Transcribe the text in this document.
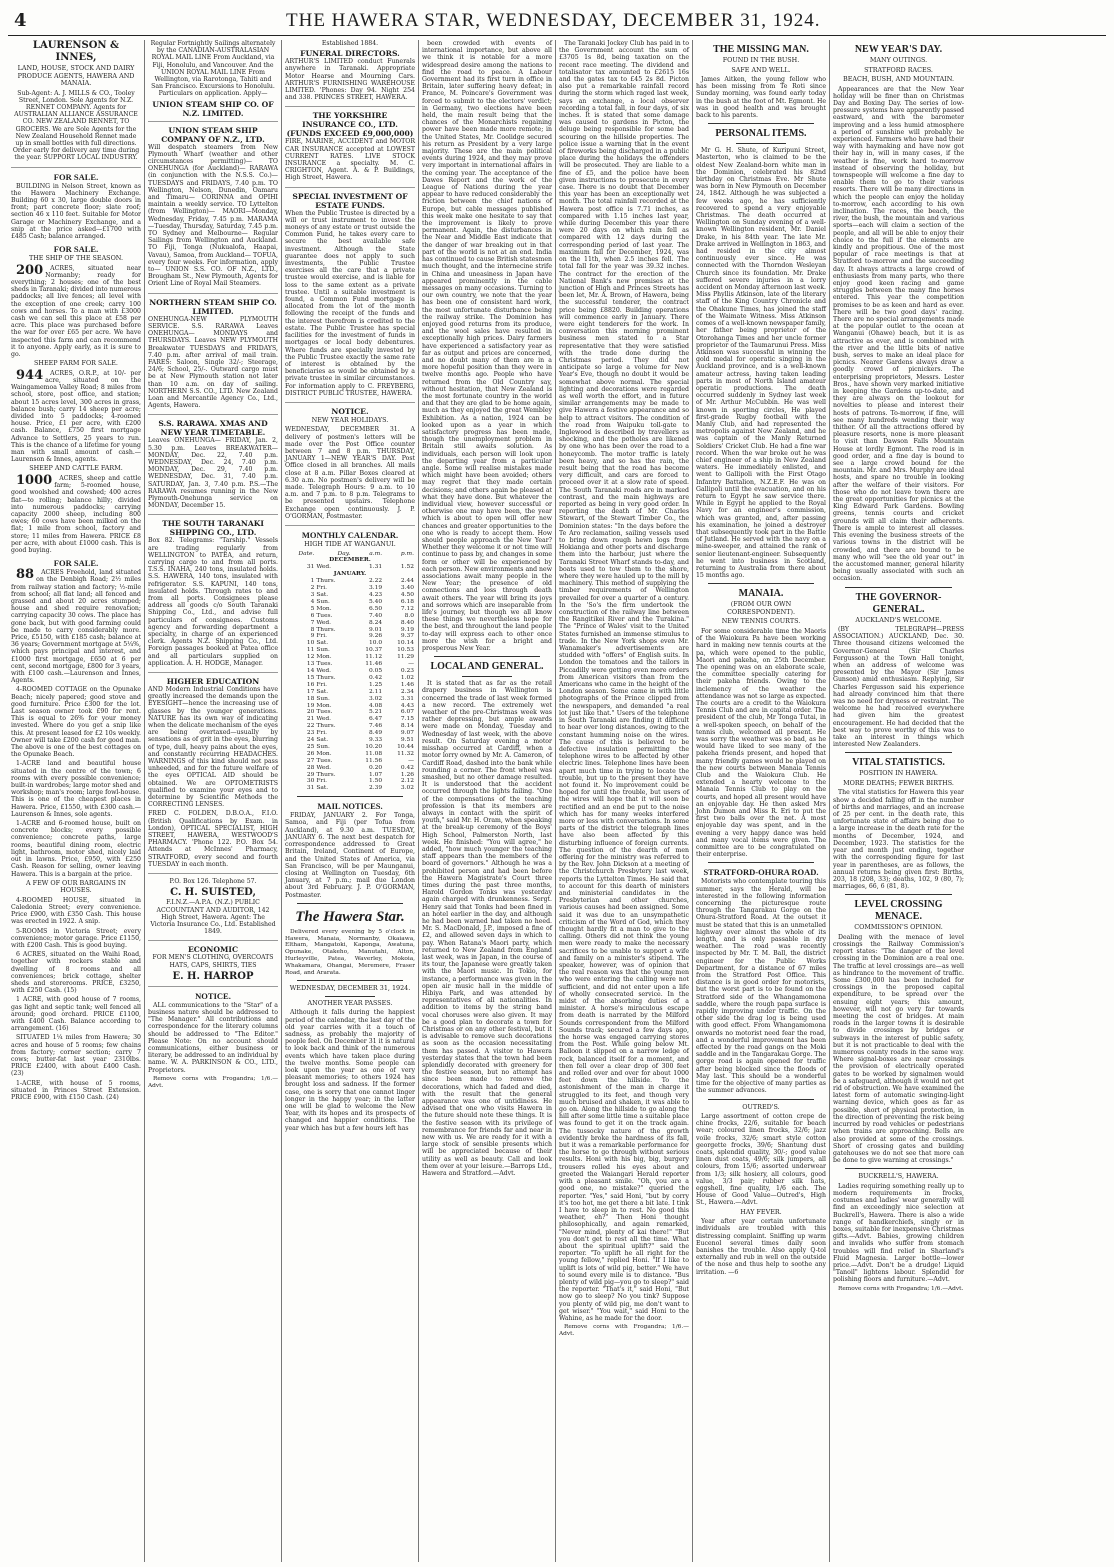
4	THE HAWERA STAR, WEDNESDAY, DECEMBER 31, 1924.
LAURENSON & INNES,
LAND, HOUSE, STOCK AND DAIRY PRODUCE AGENTS, HAWERA AND MANAIA.

Sub-Agent: A. J. MILLS & CO., Tooley Street, London. Sole Agents for N.Z. RENNET COMPANY. Agents for AUSTRALIAN ALLIANCE ASSURANCE CO. NEW ZEALAND RENNET, TO GROCERS. We are Sole Agents for the New Zealand Household Rennet made up in small bottles with full directions. Order early for delivery any time during the year. SUPPORT LOCAL INDUSTRY.

FOR SALE.

BUILDING in Nelson Street, known as the Hawera Machinery Exchange. Building 60 x 30, large double doors in front; part concrete floor; slate roof; section 46 x 110 feet. Suitable for Motor Garage or Machinery Exchange, and a snip at the price asked—£1700 with £485 Cash; balance arranged.

FOR SALE.
THE SHIP OF THE SEASON.

200 ACRES, situated near Normanby; ready for everything; 2 houses; one of the best sheds in Taranaki; divided into numerous paddocks; all live fences; all level with the exception of one creek; carry 100 cows and horses. To a man with £3000 cash we can sell this place at £58 per acre. This place was purchased before the war for over £65 per acre. We have inspected this farm and can recommend it to anyone. Apply early, as it is sure to go.

SHEEP FARM FOR SALE.

944 ACRES, O.R.P., at 10/- per acre, situated on the Waingamemoa Valley Road; 8 miles from school, store, post office, and station; about 15 acres level, 300 acres in grass, balance bush; carry 14 sheep per acre; divided into 5 paddocks; 4-roomed house. Price, £1 per acre, with £200 cash. Balance, £750 first mortgage Advance to Settlers, 25 years to run. This is the chance of a lifetime for young man with small amount of cash.—Laurenson & Innes, agents.

SHEEP AND CATTLE FARM.

1000 ACRES, sheep and cattle farm; 5-roomed house, good woolshed and cowshed; 400 acres flat—to rolling; balance hilly; divided into numerous paddocks; carrying capacity 2000 sheep, including 800 ewes; 60 cows have been milked on the flat; 1 mile from school, factory and store; 11 miles from Hawera. PRICE £8 per acre, with about £1000 cash. This is good buying.

FOR SALE.

88 ACRES Freehold, land situated on the Denbigh Road; 2½ miles from railway station and factory; ½-mile from school; all flat land; all fenced and grassed and about 20 acres stumped; house and shed require renovation; carrying capacity 30 cows. The place has gone back, but with good farming could be made to carry considerably more. Price, £5150, with £185 cash; balance at 36 years; Government mortgage at 5¼%, which pays principal and interest, and £1000 first mortgage, £650 at 6 per cent, second mortgage, £800 for 3 years, with £100 cash.—Laurenson and Innes, Agents.

4-ROOMED COTTAGE on the Opunake Beach; nicely papered; good stove and good furniture. Price £300 for the lot. Last season owner took £90 for rent. This is equal to 26% for your money invested. Where do you get a snip like this. At present leased for £2 10s weekly. Owner will take £200 cash for good man. The above is one of the best cottages on the Opunake Beach.

1-ACRE land and beautiful house situated in the centre of the town; 6 rooms with every possible convenience; built-in wardrobes; large motor shed and workshop; man's room; large fowl-house. This is one of the cheapest places in Hawera. Price, £1550, with £300 cash.—Laurenson & Innes, sole agents.

1-ACRE and 6-roomed house, built on concrete blocks; every possible convenience; concrete paths, large rooms, beautiful dining room, electric light, bathroom, motor shed, nicely laid out in lawns. Price, £950, with £250 Cash. Reason for selling, owner leaving Hawera. This is a bargain at the price.

A FEW OF OUR BARGAINS IN HOUSES.

4-ROOMED HOUSE, situated in Caledonia Street; every convenience. Price £900, with £350 Cash. This house was erected in 1922. A snip.

5-ROOMS in Victoria Street; every convenience; motor garage. Price £1150, with £200 Cash. This is good buying.

6 ACRES, situated on the Waihi Road, together with rockers stable and dwelling of 8 rooms and all conveniences; brick cottage, shelter sheds and storerooms. PRICE, £3250, with £250 Cash. (15)

1 ACRE, with good house of 7 rooms, gas light and septic tank; well fenced all around; good orchard. PRICE £1100, with £400 Cash. Balance according to arrangement. (16)

SITUATED 1¼ miles from Hawera; 30 acres and house of 5 rooms; few chains from factory; corner section; carry 7 cows; butter-fat last year 2310lbs. PRICE £2400, with about £400 Cash. (23)

1-ACRE, with house of 5 rooms, situated in Princes Street Extension. PRICE £900, with £150 Cash. (24)

Regular Fortnightly Sailings alternately by the CANADIAN-AUSTRALASIAN ROYAL MAIL LINE From Auckland, via Fiji, Honolulu, and Vancouver. And the UNION ROYAL MAIL LINE From Wellington, via Rarotonga, Tahiti and San Francisco. Excursions to Honolulu. Particulars on application. Apply—

UNION STEAM SHIP CO. OF N.Z. LIMITED.
UNION STEAM SHIP COMPANY OF N.Z., LTD.

Will despatch steamers from New Plymouth Wharf (weather and other circumstances permitting)— TO ONEHUNGA (for Auckland)— RARAWA (in conjunction with the N.S.S. Co.)— TUESDAYS and FRIDAYS, 7.40 p.m. TO Wellington, Nelson, Dunedin, Oamaru and Timaru— CORINNA and OPIHI maintain a weekly service. TO Lyttelton (from Wellington)— MAORI—Monday, Wednesday, Friday, 7.45 p.m. MARAMA—Tuesday, Thursday, Saturday, 7.45 p.m. TO Sydney and Melbourne— Regular Sailings from Wellington and Auckland. TO Fiji, Tonga (Nukualofa, Haapai, Vavau), Samoa, from Auckland— TOFUA, every four weeks. For information, apply to— UNION S.S. CO. OF N.Z., LTD., Brougham St., New Plymouth, Agents for Orient Line of Royal Mail Steamers.

NORTHERN STEAM SHIP CO. LIMITED.

ONEHUNGA-NEW PLYMOUTH SERVICE. S.S. RARAWA Leaves ONEHUNGA— MONDAYS and THURSDAYS. Leaves NEW PLYMOUTH Breakwater TUESDAYS and FRIDAYS, 7.40 p.m. after arrival of mail train. FARES: Saloon, Single 32/-; Steerage, 24/6; School, 25/-. Outward cargo must be at New Plymouth station not later than 10 a.m. on day of sailing. NORTHERN S.S. CO., LTD. New Zealand Loan and Mercantile Agency Co., Ltd., Agents, Hawera.

S.S. RARAWA. XMAS AND NEW YEAR TIMETABLE.

Leaves ONEHUNGA— FRIDAY, Jan. 2, 5.30 p.m. Leaves BREAKWATER— MONDAY, Dec. 22, 7.40 p.m. WEDNESDAY, Dec. 24, 7.40 p.m. MONDAY, Dec. 29, 7.40 p.m. WEDNESDAY, Dec. 31, 7.40 p.m. SATURDAY, Jan. 3, 7.40 p.m. P.S.—The RARAWA resumes running in the New Plymouth-Onehunga service on MONDAY, December 15.

THE SOUTH TARANAKI SHIPPING CO., LTD.

Box 82. Telegrams: "Tarship." Vessels are trading regularly from WELLINGTON to PATEA, and return, carrying cargo to and from all ports. T.S.S. INAHA, 240 tons, insulated holds. S.S. HAWERA, 140 tons, insulated with refrigerator. S.S. KAPUNI, 140 tons, insulated holds. Through rates to and from all ports. Consignees please address all goods c/o South Taranaki Shipping Co., Ltd., and advise full particulars of consignees. Customs agency and forwarding department a specialty, in charge of an experienced clerk. Agents N.Z. Shipping Co., Ltd. Foreign passages booked at Patea office and all particulars supplied on application. A. H. HODGE, Manager.

HIGHER EDUCATION

AND Modern Industrial Conditions have greatly increased the demands upon the EYESIGHT—hence the increasing use of glasses by the younger generations. NATURE has its own way of indicating when the delicate mechanism of the eyes are being overtaxed—usually by sensations as of grit in the eyes, blurring of type, dull, heavy pains about the eyes, and constantly recurring HEADACHES. WARNINGS of this kind should not pass unheeded, and for the future welfare of the eyes OPTICAL AID should be obtained. We are OPTOMETRISTS qualified to examine your eyes and to determine by Scientific Methods the CORRECTING LENSES.

FRED C. FOLDEN, D.B.O.A., F.I.O. (British Qualifications by Exam. in London), OPTICAL SPECIALIST, HIGH STREET, HAWERA, WESTWOOD'S PHARMACY. 'Phone 122. P.O. Box 54. Attends at McInnes' Pharmacy, STRATFORD, every second and fourth TUESDAY in each month.

P.O. Box 126. Telephone 57.

C. H. SUISTED,

F.I.N.Z.—A.P.A. (N.Z.) PUBLIC ACCOUNTANT AND AUDITOR, 142 High Street, Hawera. Agent: The Victoria Insurance Co., Ltd. Established 1849.

ECONOMIC

FOR MEN'S CLOTHING, OVERCOATS HATS, CAPS, SHIRTS, TIES

E. H. HARROP
NOTICE.

ALL communications to the "Star" of a business nature should be addressed to "The Manager." All contributions and correspondence for the literary columns should be addressed to "The Editor." Please Note: On no account should communications, either business or literary, be addressed to an individual by name. W. A. PARKINSON & CO., LTD., Proprietors.

Remove corns with Frogandra; 1/6.—Advt.

Established 1884.

FUNERAL DIRECTORS.

ARTHUR'S LIMITED conduct Funerals anywhere in Taranaki. Appropriate Motor Hearse and Mourning Cars. ARTHUR'S FURNISHING WAREHOUSE LIMITED. 'Phones: Day 94. Night 254 and 338. PRINCES STREET, HAWERA.

THE YORKSHIRE INSURANCE CO., LTD. (FUNDS EXCEED £9,000,000)

FIRE, MARINE, ACCIDENT and MOTOR CAR INSURANCE accepted at LOWEST CURRENT RATES. LIVE STOCK INSURANCE a specialty. M. C. CRIGHTON, Agent. A. & P. Buildings, High Street, Hawera.

SPECIAL INVESTMENT OF ESTATE FUNDS.

When the Public Trustee is directed by a will or trust instrument to invest the moneys of any estate or trust outside the Common Fund, he takes every care to secure the best available safe investment. Although the State guarantee does not apply to such investments, the Public Trustee exercises all the care that a private trustee would exercise, and is liable for loss to the same extent as a private trustee. Until a suitable investment is found, a Common Fund mortgage is allocated from the lot of the month following the receipt of the funds and the interest therefrom is credited to the estate. The Public Trustee has special facilities for the investment of funds in mortgages or local body debentures. Where funds are specially invested by the Public Trustee exactly the same rate of interest is obtained by the beneficiaries as would be obtained by a private trustee in similar circumstances. For information apply to C. FREYBERG, DISTRICT PUBLIC TRUSTEE, HAWERA.

NOTICE.
NEW YEAR HOLIDAYS.

WEDNESDAY, DECEMBER 31. A delivery of postmen's letters will be made over the Post Office counter between 7 and 8 p.m. THURSDAY, JANUARY 1—NEW YEAR'S DAY. Post Office closed in all branches. All mails close at 8 a.m. Pillar Boxes cleared at 6.30 a.m. No postmen's delivery will be made. Telegraph Hours: 9 a.m. to 10 a.m. and 7 p.m. to 8 p.m. Telegrams to be presented upstairs. Telephone Exchange open continuously. J. P. O'GORMAN, Postmaster.

MONTHLY CALENDAR.
HIGH TIDE AT WANGANUI.
Date.	Day.	a.m.	p.m.
DECEMBER.			
31	Wed.	1.31	1.52
JANUARY.			
1	Thurs.	2.22	2.44
2	Fri.	3.19	3.40
3	Sat.	4.23	4.50
4	Sun.	5.40	6.18
5	Mon.	6.50	7.12
6	Tues.	7.40	8.0
7	Wed.	8.24	8.40
8	Thurs.	9.01	9.19
9	Fri.	9.26	9.37
10	Sat.	10.0	10.14
11	Sun.	10.37	10.53
12	Mon.	11.12	11.29
13	Tues.	11.46	—
14	Wed.	0.05	0.23
15	Thurs.	0.42	1.02
16	Fri.	1.25	1.46
17	Sat.	2.11	2.34
18	Sun.	3.02	3.31
19	Mon.	4.08	4.43
20	Tues.	5.21	6.07
21	Wed.	6.47	7.15
22	Thurs.	7.46	8.14
23	Fri.	8.49	9.07
24	Sat.	9.33	9.51
25	Sun.	10.20	10.44
26	Mon.	11.08	11.32
27	Tues.	11.56	—
28	Wed.	0.20	0.42
29	Thurs.	1.07	1.26
30	Fri.	1.50	2.12
31	Sat.	2.39	3.02
MAIL NOTICES.

FRIDAY, JANUARY 2. For Tonga, Samoa, and Fiji (per Tofua from Auckland), at 9.30 a.m. TUESDAY, JANUARY 6. The next best despatch for correspondence addressed to Great Britain, Ireland, Continent of Europe, and the United States of America, via San Francisco, will be per Maunganui, closing at Wellington on Tuesday, 6th January, at 7 p.m.; mail due London about 3rd February. J. P. O'GORMAN, Postmaster.

The Hawera Star.

Delivered every evening by 5 o'clock in Hawera, Manaia, Normanby, Okaiawa, Eltham, Mangatoki, Kaponga, Awatuna, Opunake, Otakeho, Manutahi, Alton, Hurleyville, Patea, Waverley, Mokoia, Whakamara, Ohangai, Meremere, Fraser Road, and Ararata.

WEDNESDAY, DECEMBER 31, 1924.
ANOTHER YEAR PASSES.

Although it falls during the happiest period of the calendar, the last day of the old year carries with it a touch of sadness, as probably the majority of people feel. On December 31 it is natural to look back and think of the numerous events which have taken place during the twelve months. Some people can look upon the year as one of very pleasant memories; to others 1924 has brought loss and sadness. If the former case, one is sorry that one cannot linger longer in the happy year; in the latter one will be glad to welcome the New Year, with its hopes and its prospects of changed and happier conditions. The year which has but a few hours left has

been crowded with events of international importance, but above all we think it is notable for a more widespread desire among the nations to find the road to peace. A Labour Government had its first turn in office in Britain, later suffering heavy defeat; in France, M. Poincare's Government was forced to submit to the electors' verdict; in Germany, two elections have been held, the main result being that the chances of the Monarchists regaining power have been made more remote; in the United States, Mr. Coolidge secured his return as President by a very large majority. These are the main political events during 1924, and they may prove very important in international affairs in the coming year. The acceptance of the Dawes Report and the work of the League of Nations during the year appear to have reduced considerably the friction between the chief nations of Europe, but cable messages published this week make one hesitate to say that the improvement is likely to prove permanent. Again, the disturbances in the Near and Middle East indicate that the danger of war breaking out in that part of the world is not at an end. India has continued to cause British statesmen much thought, and the internecine strife in China and uneasiness in Japan have appeared prominently in the cable messages on many occasions. Turning to our own country, we note that the year has been one of consistent hard work, the most unfortunate disturbance being the railway strike. The Dominion has enjoyed good returns from its produce, and the wool sales have resulted in exceptionally high prices. Dairy farmers have experienced a satisfactory year as far as output and prices are concerned, and no doubt many of them are in a more hopeful position than they were in twelve months ago. People who have returned from the Old Country say, without hesitation, that New Zealand is the most fortunate country in the world and that they are glad to be home again, much as they enjoyed the great Wembley Exhibition. As a nation, 1924 can be looked upon as a year in which satisfactory progress has been made, though the unemployment problem in Britain still awaits solution. As individuals, each person will look upon the departing year from a particular angle. Some will realise mistakes made which might have been avoided; others may regret that they made certain decisions; and others again be pleased at what they have done. But whatever the individual view, however successful or otherwise one may have been, the year which is about to open will offer new chances and greater opportunities to the one who is ready to accept them. How should people approach the New Year? Whether they welcome it or not time will continue to pass by, and changes in some form or other will be experienced by each person. New environments and new associations await many people in the New Year; the presence of old connections and loss through death await others. The year will bring its joys and sorrows which are inseparable from life's journey, but though we all know these things we nevertheless hope for the best, and throughout the land people to-day will express each to other once more the wish for a bright and prosperous New Year.

LOCAL AND GENERAL.

It is stated that as far as the retail drapery business in Wellington is concerned the trade of last week formed a new record. The extremely wet weather of the pre-Christmas week was rather depressing, but ample awards were made on Monday, Tuesday and Wednesday of last week, with the above result. On Saturday evening a motor misshap occurred at Cardiff, when a motor lorry owned by Mr. A. Cameron, of Cardiff Road, dashed into the bank while rounding a corner. The front wheel was smashed, but no other damage resulted. It is understood that the accident occurred through the lights failing. "One of the compensations of the teaching profession is that its members are always in contact with the spirit of youth," said Mr. H. Oram, when speaking at the break-up ceremony of the Boys' High School, Palmerston North, last week. He finished: "You will agree," he added, "how much younger the teaching staff appears than the members of the board of governors." Although he was a prohibited person and had been before the Hawera Magistrate's Court three times during the past three months, Harold Gordon Tonks was yesterday again charged with drunkenness. Sergt. Henry said that Tonks had been fined in an hotel earlier in the day, and although he had been warned had taken no heed. Mr. S. MacDonald, J.P., imposed a fine of £2, and allowed seven days in which to pay. When Ratana's Maori party, which returned to New Zealand from England last week, was in Japan, in the course of its tour, the Japanese were greatly taken with the Maori music. In Tokio, for instance, a performance was given in the open air music hall in the middle of Hibiya Park, and was attended by representatives of all nationalities. In addition to items by the string band vocal choruses were also given. It may be a good plan to decorate a town for Christmas or on any other festival, but it is advisable to remove such decorations as soon as the occasion necessitating them has passed. A visitor to Hawera yesterday states that the town had been splendidly decorated with greenery for the festive season, but no attempt has since been made to remove the decorations, which had faded and died, with the result that the general appearance was one of untidiness. He advised that one who visits Hawera in the future should note these things. It is the festive season with its privilege of remembrance for friends far and near in new with us. We are ready for it with a large stock of sensible presents which will be appreciated because of their utility as well as beauty. Call and look them over at your leisure.—Barrops Ltd., Hawera and Stratford.—Advt.

The Taranaki Jockey Club has paid in to the Government account the sum of £3705 1s 8d, being taxation on the recent race meeting. The dividend and totalisator tax amounted to £2615 16s and the gates tax to £45 2s 8d. Picton also put a remarkable rainfall record during the storm which raged last week, says an exchange, a local observer recording a total fall, in four days, of six inches. It is stated that some damage was caused to gardens in Picton, the deluge being responsible for some bad scouring on the hillside properties. The police issue a warning that in the event of fireworks being discharged in a public place during the holidays the offenders will be prosecuted. They are liable to a fine of £5, and the police have been given instructions to prosecute in every case. There is no doubt that December this year has been an exceptionally wet month. The total rainfall recorded at the Hawera post office is 7.71 inches, as compared with 1.15 inches last year, while during December this year there were 20 days on which rain fell as compared with 12 days during the corresponding period of last year. The maximum fall for December, 1924, was on the 11th, when 2.5 inches fell. The total fall for the year was 39.32 inches. The contract for the erection of the National Bank's new premises at the junction of High and Princes Streets has been let, Mr. A. Brown, of Hawera, being the successful tenderer, the contract price being £8820. Building operations will commence early in January. There were eight tenderers for the work. In conversation this morning prominent business men stated to a Star representative that they were satisfied with the trade done during the Christmas period. They did not anticipate so large a volume for New Year's Eve, though no doubt it would be somewhat above normal. The special lighting and decorations were regarded as well worth the effort, and in future similar arrangements may be made to give Hawera a festive appearance and so help to attract visitors. The condition of the road from Waipuku toll-gate to Inglewood is described by travellers as shocking, and the potholes are likened by one who has been over the road to a honeycomb. The motor traffic is lately been heavy, and so has the rain, the result being that the road has become very difficult, and cars are forced to proceed over it at a slow rate of speed. The South Taranaki roads are in marked contrast, and the main highways are reported as being in very good order. In reporting the death of Mr. Charles Stewart, of the Stewart Timber Co., the Dominion states: "In the days before the Te Aro reclamation, sailing vessels used to bring down rough hewn logs from Hokianga and other ports and discharge them into the harbour, just where the Taranaki Street Wharf stands to-day, and boats used to tow them to the shore, where they were hauled up to the mill by machinery. This method of supplying the timber requirements of Wellington prevailed for over a quarter of a century. In the 'So's the firm undertook the construction of the railway line between the Rangitikei River and the Turakina." The "Prince of Wales' visit to the United States furnished an immense stimulus to trade. In the New York shops even Mr. Wanamaker's advertisements are studded with "offers" of English suits. In London the tomatoes and the tailors in Piccadilly were getting even more orders from American visitors than from the Americans who came in the height of the London season. Some came in with little photographs of the Prince clipped from the newspapers, and demanded "a real lot just like that." Users of the telephone in South Taranaki are finding it difficult to hear over long distances, owing to the constant humming noise on the wires. The cause of this is believed to be defective insulation permitting the telephone wires to be affected by other electric lines. Telephone lines have been apart much time in trying to locate the trouble, but up to the present they have not found it. No improvement could be hoped for until the trouble, but users of the wires will hope that it will soon be rectified and an end be put to the noise which has for many weeks interfered more or less with conversations. In some parts of the district the telegraph lines have also been affected by this disturbing influence of foreign currents. The question of the dearth of men offering for the ministry was referred to by the Rev. John Dickson at a meeting of the Christchurch Presbytery last week, reports the Lyttelton Times. He said that to account for this dearth of ministers and ministerial candidates in the Presbyterian and other churches, various causes had been assigned. Some said it was due to an unsympathetic criticism of the Word of God, which they thought hardly fit a man to give to the calling. Others did not think the young men were ready to make the necessary sacrifices to be unable to support a wife and family on a minister's stipend. The speaker, however, was of opinion that the real reason was that the young men who were entering the calling were not sufficient, and did not enter upon a life of wholly consecrated service. In the midst of the absorbing duties of a minister. A horse's miraculous escape from death is narrated by the Milford Sounds correspondent from the Milford Sounds track; secured a few days ago, the horse was engaged carrying stores from the Post. While going below Mt. Balloon it slipped on a narrow ledge of rock, balanced itself for a moment, and then fell over a clear drop of 300 feet and rolled over and over for about 1000 feet down the hillside. To the astonishment of the man in charge it struggled to its feet, and though very much bruised and shaken, it was able to go on. Along the hillside to go along the hill after some little time a suitable place was found to get it on the track again. The tussocky nature of the growth evidently broke the hardness of its fall, but it was a remarkable performance for the horse to go through without serious results. Honi with his big, big, burgery trousers rolled his eyes about and greeted the Waiangari Herald reporter with a pleasant smile. "Oh, you are a good one, no mistake?" queried the reporter. "Yes," said Honi, "but by corry it's too hot, me get there a bit late. I tink I have to sleep in to rest. No good this weather, eh?" Then Honi thought philosophically, and again remarked, "Never mind, plenty of kai there!" "But you don't get to rest all the time. What about the spiritual uplift?" said the reporter. "To uplift he all right for the young fellow," replied Honi. "If I like to uplift is lots of wild pig, better." We have to sound every mile is to distance. "Bus plenty of wild pig—you go to sleep?" said the reporter. "That's it," said Honi, "But now go to sleep? No you tink? Suppose you plenty of wild pig, me don't want to get wiser." "You wait," said Honi to the Wahine, as he made for the door.

Remove corns with Frogandra; 1/6.—Advt.

THE MISSING MAN.
FOUND IN THE BUSH.
SAFE AND WELL.

James Aitken, the young fellow who has been missing from Te Roti since Sunday morning, was found early today in the bush at the foot of Mt. Egmont. He was in good health and was brought back to his parents.

PERSONAL ITEMS.

Mr G. H. Shute, of Kuripuni Street, Masterton, who is claimed to be the oldest New Zealand-born white man in the Dominion, celebrated his 82nd birthday on Christmas Eve. Mr Shute was born in New Plymouth on December 24, 1842. Although he was subjected a few weeks ago, he has sufficiently recovered to spend a very enjoyable Christmas. The death occurred at Wellington on Sunday evening of a well-known Wellington resident, Mr. Daniel Drake, in his 84th year. The late Mr. Drake arrived in Wellington in 1863, and had resided in the city almost continuously ever since. He was connected with the Thorndon Wesleyan Church since its foundation. Mr. Drake suffered severe injuries in a lorry accident on Monday afternoon last week. Miss Phyllis Atkinson, late of the literary staff of the King Country Chronicle and the Ohakune Times, has joined the staff of the Waimate Witness. Miss Atkinson comes of a well-known newspaper family, her father being proprietor of the Otorohanga Times and her uncle former proprietor of the Taumarunui Press. Miss Atkinson was successful in winning the gold medal for operatic singing in the Auckland province, and is a well-known amateur actress, having taken leading parts in most of North Island amateur operatic productions. The death occurred suddenly in Sydney last week of Mr. Arthur McCubbin. He was well known in sporting circles, He played first-grade Rugby football with the Manly Club, and had represented the metropolis against New Zealand, and he was captain of the Manly Returned Soldiers' Cricket Club. He had a fine war record. When the war broke out he was chief engineer of a ship in New Zealand waters. He immediately enlisted, and went to Gallipoli with the First Otago Infantry Battalion, N.Z.E.F. He was on Gallipoli until the evacuation, and on his return to Egypt he saw service there. While in Egypt he applied to the Royal Navy for an engineer's commission, which was granted, and, after passing his examination, he joined a destroyer that subsequently took part in the Battle of Jutland. He served with the navy on a mine-sweeper, and attained the rank of senior lieutenant-engineer. Subsequently he went into business in Scotland, returning to Australia from there about 15 months ago.

MANAIA.
(FROM OUR OWN CORRESPONDENT).
NEW TENNIS COURTS.

For some considerable time the Maoris of the Waiokura Pa have been working hard in making new tennis courts at the pa, which were opened to the public, Maori and pakeha, on 25th December. The opening was on an elaborate scale, the committee specially catering for their pakeha friends. Owing to the inclemency of the weather the attendance was not so large as expected. The courts are a credit to the Waiokura Tennis Club and are in capital order. The president of the club, Mr Tonga Tutai, in a well-spoken speech, on behalf of the tennis club, welcomed all present. He was sorry the weather was so bad, as he would have liked to see many of the pakeha friends present, and hoped that many friendly games would be played on the new courts between Manaia Tennis Club and the Waiokura Club. He extended a hearty welcome to the Manaia Tennis Club to play on the courts, and hoped all present would have an enjoyable day. He then asked Mrs John Dumon and Miss R. Eri to put the first two balls over the net. A most enjoyable day was spent, and in the evening a very happy dance was held and many vocal items were given. The committee are to be congratulated on their enterprise.

STRATFORD-OHURA ROAD.

Motorists who contemplate touring this summer, says the Herald, will be interested in the following information concerning the picturesque route through the Tangarakau Gorge on the Ohura-Stratford Road. At the outset it must be stated that this is an unmetalled highway over almost the whole of its length, and is only passable in dry weather. The road was recently inspected by Mr. T. M. Ball, the district engineer for the Public Works Department, for a distance of 67 miles from the Stratford Post Office. This distance is in good order for motorists, but the worst part is to be found on the Stratford side of the Whangamomona saddle, where the rough papa surface is rapidly improving under traffic. On the other side the drag log is being used with good effect. From Whangamomona onwards no motorist need fear the road, and a wonderful improvement has been effected by the road gangs on the Moki saddle and in the Tangarakau Gorge. The gorge road is again opened for traffic after being blocked since the floods of May last. This should be a wonderful time for the objective of many parties as the summer advances.

OUTRED'S.

Large assortment of cotton crepe de chine frocks, 22/6, suitable for beach wear; coloured linen frocks, 32/6; jazz voile frocks, 32/6; smart style cotton georgette frocks, 39/6; Shantung dust coats, splendid quality, 30/-; good value linen dust coats, 49/6; silk jumpers, all colours, from 15/6; assorted underwear from 1/3; silk hosiery, all colours, good value, 3/3 pair; rubber silk hats, eggshell, fine quality, 1/6 each. The House of Good Value—Outred's, High St., Hawera.—Advt.

HAY FEVER.

Year after year certain unfortunate individuals are troubled with this distressing complaint. Sniffing up warm Eucenol several times daily soon banishes the trouble. Also apply Q-tol externally and rub in well on the outside of the nose and thus help to soothe any irritation. —6

NEW YEAR'S DAY.
MANY OUTINGS.
STRATFORD RACES.
BEACH, BUSH, AND MOUNTAIN.

Appearances are that the New Year holiday will be finer than on Christmas Day and Boxing Day. The series of low-pressure systems have apparently passed eastward, and with the barometer improving and a less humid atmosphere a period of sunshine will probably be experienced. Farmers who have had their way with haymaking and have now got their hay in, will in many cases, if the weather is fine, work hard to-morrow instead of observing the holiday, but townspeople will welcome a fine day to enable them to go to their various resorts. There will be many directions in which the people can enjoy the holiday to-morrow, each according to his own inclination. The races, the beach, the river, the bush, the mountain and various sports—each will claim a section of the people, and all will be able to enjoy their choice to the full if the elements are kindly and propitious. One of the most popular of race meetings is that at Stratford to-morrow and the succeeding day. It always attracts a large crowd of enthusiasts from many parts, who there enjoy good keen racing and game struggles between the many fine horses entered. This year the competition promises to be as keen and hard as ever. There will be two good days' racing. There are no special arrangements made at the popular outlet to the ocean at Wanganui (Ohawe) beach, but it is as attractive as ever, and is combined with the river and the little bits of native bush, serves to make an ideal place for picnics. Nearer Gardens always draw a goodly crowd of picnickers. The enterprising proprietors, Messrs. Lester Bros., have shown very marked initiative in keeping the Gardens up-to-date, and they are always on the lookout for novelties to please and interest their hosts of patrons. To-morrow, if fine, will see many hundreds wending their way thither. Of all the attractions offered by pleasure resorts, none is more pleasant to visit than Dawson Falls Mountain House at lordly Egmont. The road is in good order, and a fine day is bound to see a large crowd bound for the mountain. Mr. and Mrs. Murphy are ideal hosts, and spare no trouble in looking after the welfare of their visitors. For those who do not leave town there are the great opportunities for picnics at the King Edward Park Gardens. Bowling greens, tennis courts and cricket grounds will all claim their adherents. There is ample to interest all classes. This evening the business streets of the various towns in the district will be crowded, and there are bound to be many who will "see the old year out" in the accustomed manner, general hilarity being usually associated with such an occasion.

THE GOVERNOR-GENERAL.
AUCKLAND'S WELCOME.

(BY TELEGRAPH—PRESS ASSOCIATION.) AUCKLAND, Dec. 30. Three thousand citizens welcomed the Governor-General (Sir Charles Fergusson) at the Town Hall tonight, when an address of welcome was presented by the Mayor (Sir James Gunson) amid enthusiasm. Replying, Sir Charles Fergusson said his experience had already convinced him that there was no need for dryness or restraint. The welcome he had received everywhere had given him the greatest encouragement. He had decided that the best way to prove worthy of this was to take an interest in things which interested New Zealanders.

VITAL STATISTICS.
POSITION IN HAWERA.
MORE DEATHS; FEWER BIRTHS.

The vital statistics for Hawera this year show a decided falling off in the number of births and marriages, and an increase of 25 per cent. in the death rate, this unfortunate state of affairs being due to a large increase in the death rate for the months of December, 1924, and December, 1923. The statistics for the year and month just ending, together with the corresponding figure for last year in parentheses, are as follows, the annual returns being given first: Births, 203, 18 (208, 33); deaths, 102, 9 (80, 7); marriages, 66, 6 (81, 8).

LEVEL CROSSING MENACE.
COMMISSION'S OPINION.

Dealing with the menace of level crossings the Railway Commission's report states: "The danger of the level crossing in the Dominion are a real one. The traffic at level crossings are—as well as hindrance to the movement of traffic. Some £300,000 has been included for crossings in the proposed capital expenditure, to be spread over the ensuing eight years; this amount, however, will not go very far towards meeting the cost of bridges. At main roads in the larger towns it is desirable to divide crossings by bridges or subways in the interest of public safety, but it is not practicable to deal with the numerous county roads in the same way. Where signal-boxes are near crossings the provision of electrically operated gates to be worked by signalmen would be a safeguard, although it would not get rid of obstruction. We have examined the latest form of automatic swinging-light warning device, which goes as far as possible, short of physical protection, in the direction of preventing the risk being incurred by road vehicles or pedestrians when trains are approaching. Bells are also provided at some of the crossings. Short of crossing gates and building gatehouses we do not see that more can be done to give warning at crossings."

BUCKRELL'S, HAWERA.

Ladies requiring something really up to modern requirements in frocks, costumes and ladies' wear generally will find an exceedingly nice selection at Buckrell's, Hawera. There is also a wide range of handkerchiefs, singly or in boxes, suitable for inexpensive Christmas gifts.—Advt. Babies, growing children and invalids who suffer from stomach troubles will find relief in Sharland's Fluid Magnesia. Larger bottle—lower price.—Advt. Don't be a drudge! Liquid "Tanoil" lightens labour. Splendid for polishing floors and furniture.—Advt.

Remove corns with Frogandra; 1/6.—Advt.
